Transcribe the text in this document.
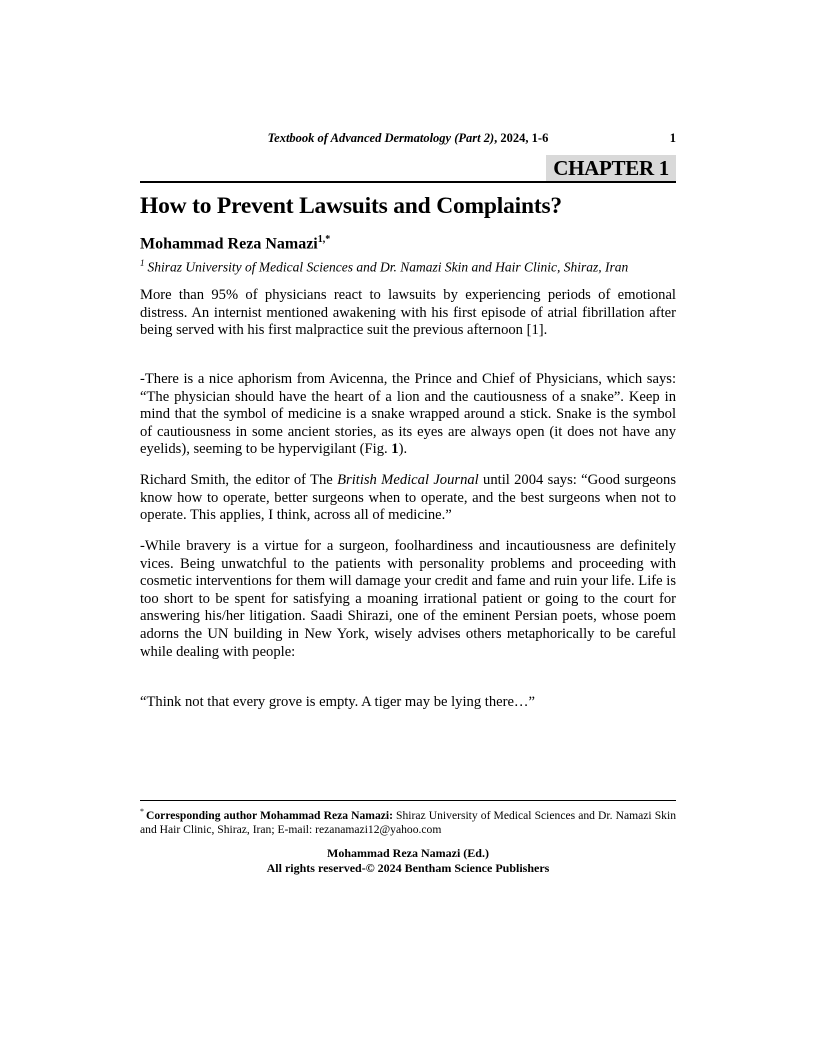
Textbook of Advanced Dermatology (Part 2), 2024, 1-6	1
CHAPTER 1
How to Prevent Lawsuits and Complaints?
Mohammad Reza Namazi$^{1,*}$
$^1$ Shiraz University of Medical Sciences and Dr. Namazi Skin and Hair Clinic, Shiraz, Iran

More than 95% of physicians react to lawsuits by experiencing periods of emotional distress. An internist mentioned awakening with his first episode of atrial fibrillation after being served with his first malpractice suit the previous afternoon [1].

-There is a nice aphorism from Avicenna, the Prince and Chief of Physicians, which says: “The physician should have the heart of a lion and the cautiousness of a snake”. Keep in mind that the symbol of medicine is a snake wrapped around a stick. Snake is the symbol of cautiousness in some ancient stories, as its eyes are always open (it does not have any eyelids), seeming to be hypervigilant (Fig. 1).

Richard Smith, the editor of The British Medical Journal until 2004 says: “Good surgeons know how to operate, better surgeons when to operate, and the best surgeons when not to operate. This applies, I think, across all of medicine.”

-While bravery is a virtue for a surgeon, foolhardiness and incautiousness are definitely vices. Being unwatchful to the patients with personality problems and proceeding with cosmetic interventions for them will damage your credit and fame and ruin your life. Life is too short to be spent for satisfying a moaning irrational patient or going to the court for answering his/her litigation. Saadi Shirazi, one of the eminent Persian poets, whose poem adorns the UN building in New York, wisely advises others metaphorically to be careful while dealing with people:

“Think not that every grove is empty. A tiger may be lying there…”

* Corresponding author Mohammad Reza Namazi: Shiraz University of Medical Sciences and Dr. Namazi Skin and Hair Clinic, Shiraz, Iran; E-mail: rezanamazi12@yahoo.com

Mohammad Reza Namazi (Ed.)
All rights reserved-© 2024 Bentham Science Publishers
